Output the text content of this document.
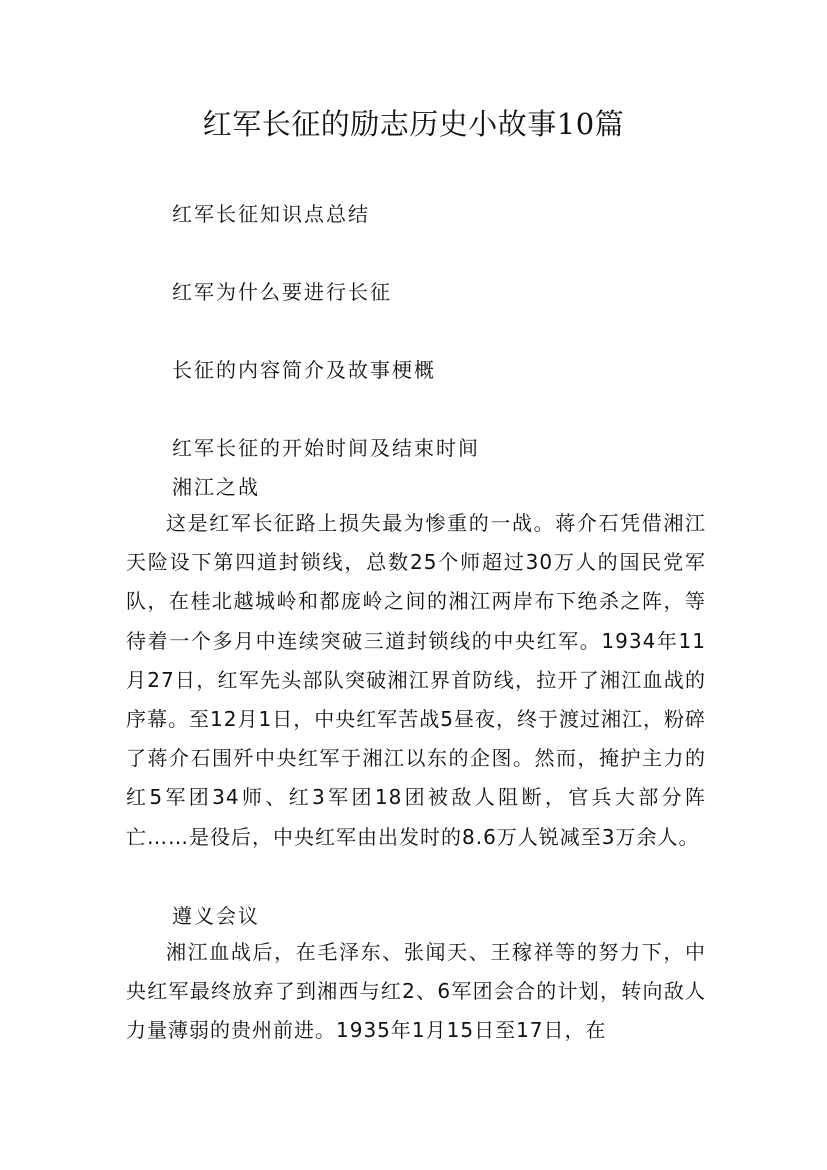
红军长征的励志历史小故事10篇
红军长征知识点总结
红军为什么要进行长征
长征的内容简介及故事梗概
红军长征的开始时间及结束时间
湘江之战
这是红军长征路上损失最为惨重的一战。蒋介石凭借湘江天险设下第四道封锁线，总数25个师超过30万人的国民党军队，在桂北越城岭和都庞岭之间的湘江两岸布下绝杀之阵，等待着一个多月中连续突破三道封锁线的中央红军。1934年11月27日，红军先头部队突破湘江界首防线，拉开了湘江血战的序幕。至12月1日，中央红军苦战5昼夜，终于渡过湘江，粉碎了蒋介石围歼中央红军于湘江以东的企图。然而，掩护主力的红5军团34师、红3军团18团被敌人阻断，官兵大部分阵亡……是役后，中央红军由出发时的8.6万人锐减至3万余人。
遵义会议
湘江血战后，在毛泽东、张闻天、王稼祥等的努力下，中央红军最终放弃了到湘西与红2、6军团会合的计划，转向敌人力量薄弱的贵州前进。1935年1月15日至17日，在
